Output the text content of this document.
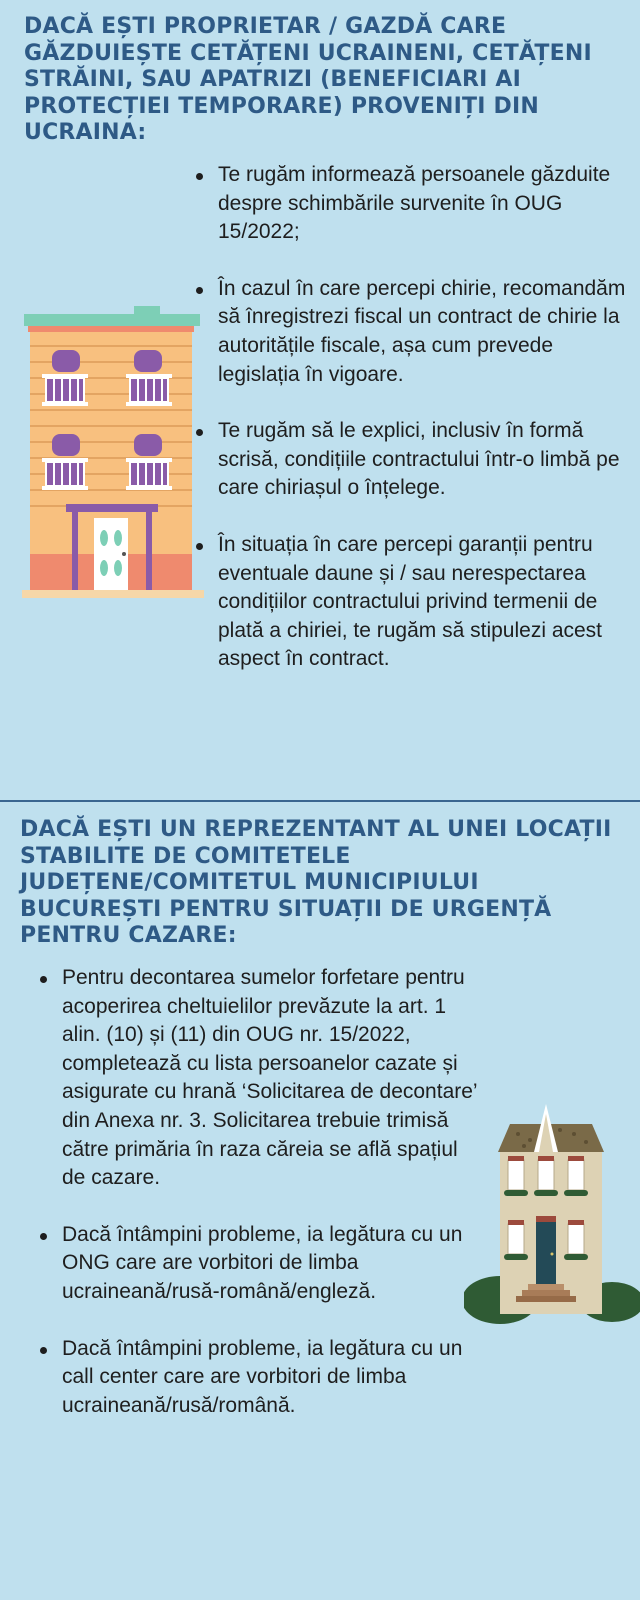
DACĂ EȘTI PROPRIETAR / GAZDĂ CARE GĂZDUIEȘTE CETĂȚENI UCRAINENI, CETĂȚENI STRĂINI, SAU APATRIZI (BENEFICIARI AI PROTECȚIEI TEMPORARE) PROVENIȚI DIN UCRAINA:
Te rugăm informează persoanele găzduite despre schimbările survenite în OUG 15/2022;
În cazul în care percepi chirie, recomandăm să înregistrezi fiscal un contract de chirie la autoritățile fiscale, așa cum prevede legislația în vigoare.
Te rugăm să le explici, inclusiv în formă scrisă, condițiile contractului într-o limbă pe care chiriașul o înțelege.
În situația în care percepi garanții pentru eventuale daune și / sau nerespectarea condițiilor contractului privind termenii de plată a chiriei, te rugăm să stipulezi acest aspect în contract.
DACĂ EȘTI UN REPREZENTANT AL UNEI LOCAȚII STABILITE DE COMITETELE JUDEȚENE/COMITETUL MUNICIPIULUI BUCUREȘTI PENTRU SITUAȚII DE URGENȚĂ PENTRU CAZARE:
Pentru decontarea sumelor forfetare pentru acoperirea cheltuielilor prevăzute la art. 1 alin. (10) și (11) din OUG nr. 15/2022, completează cu lista persoanelor cazate și asigurate cu hrană ‘Solicitarea de decontare’ din Anexa nr. 3. Solicitarea trebuie trimisă către primăria în raza căreia se află spațiul de cazare.
Dacă întâmpini probleme, ia legătura cu un ONG care are vorbitori de limba ucraineană/rusă-română/engleză.
Dacă întâmpini probleme, ia legătura cu un call center care are vorbitori de limba ucraineană/rusă/română.
